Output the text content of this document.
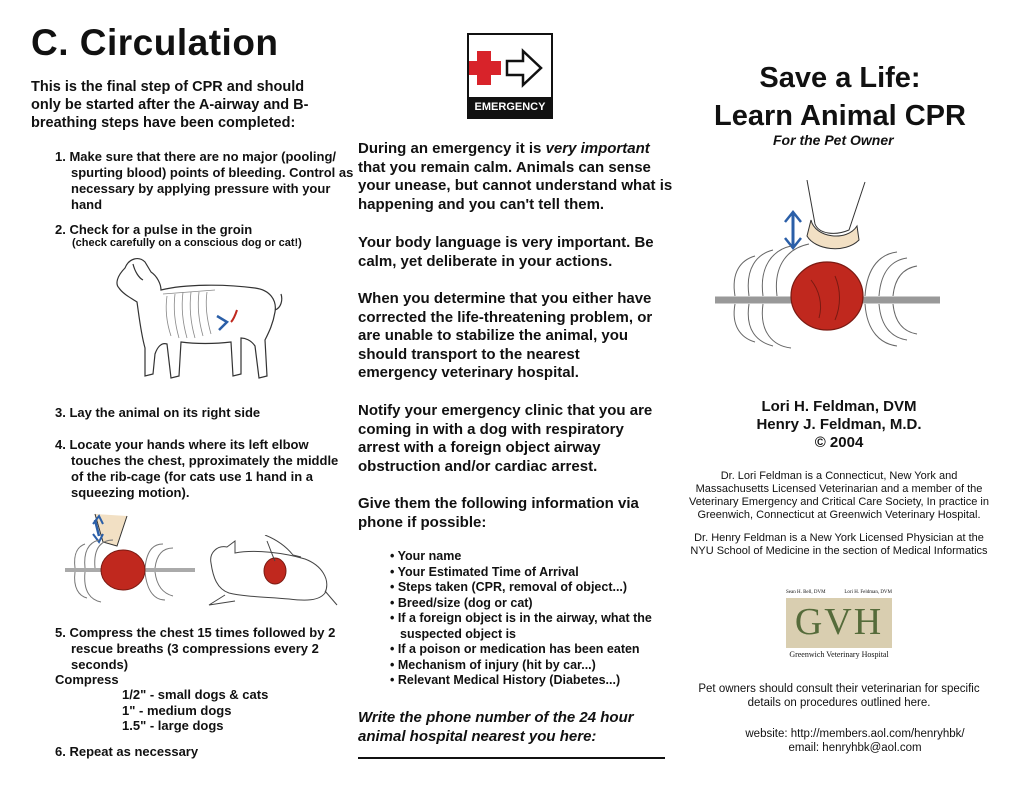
C. Circulation
This is the final step of CPR and should only be started after the A-airway and B-breathing steps have been completed:
1. Make sure that there are no major (pooling/ spurting blood) points of bleeding. Control as necessary by applying pressure with your hand
2. Check for a pulse in the groin
(check carefully on a conscious dog or cat!)
3. Lay the animal on its right side
4. Locate your hands where its left elbow touches the chest, pproximately the middle of the rib-cage (for cats use 1 hand in a squeezing motion).
5. Compress the chest 15 times followed by 2 rescue breaths (3 compressions every 2 seconds)
Compress
1/2" - small dogs & cats
1" - medium dogs
1.5" - large dogs
6. Repeat as necessary
EMERGENCY
During an emergency it is very important that you remain calm. Animals can sense your unease, but cannot understand what is happening and you can't tell them.
Your body language is very important. Be calm, yet deliberate in your actions.
When you determine that you either have corrected the life-threatening problem, or are unable to stabilize the animal, you should transport to the nearest emergency veterinary hospital.
Notify your emergency clinic that you are coming in with a dog with respiratory arrest with a foreign object airway obstruction and/or cardiac arrest.
Give them the following information via phone if possible:
• Your name
• Your Estimated Time of Arrival
• Steps taken (CPR, removal of object...)
• Breed/size (dog or cat)
• If a foreign object is in the airway, what the suspected object is
• If a poison or medication has been eaten
• Mechanism of injury (hit by car...)
• Relevant Medical History (Diabetes...)
Write the phone number of the 24 hour animal hospital nearest you here:
Save a Life:
Learn Animal CPR
For the Pet Owner
Lori H. Feldman, DVM
Henry J. Feldman, M.D.
© 2004
Dr. Lori Feldman is a Connecticut, New York and Massachusetts Licensed Veterinarian and a member of the Veterinary Emergency and Critical Care Society, In practice in Greenwich, Connecticut at Greenwich Veterinary Hospital.
Dr. Henry Feldman is a New York Licensed Physician at the NYU School of Medicine in the section of Medical Informatics
Sean H. Bell, DVM	Lori H. Feldman, DVM
GVH
Greenwich Veterinary Hospital
Pet owners should consult their veterinarian for specific details on procedures outlined here.
website: http://members.aol.com/henryhbk/
email: henryhbk@aol.com
